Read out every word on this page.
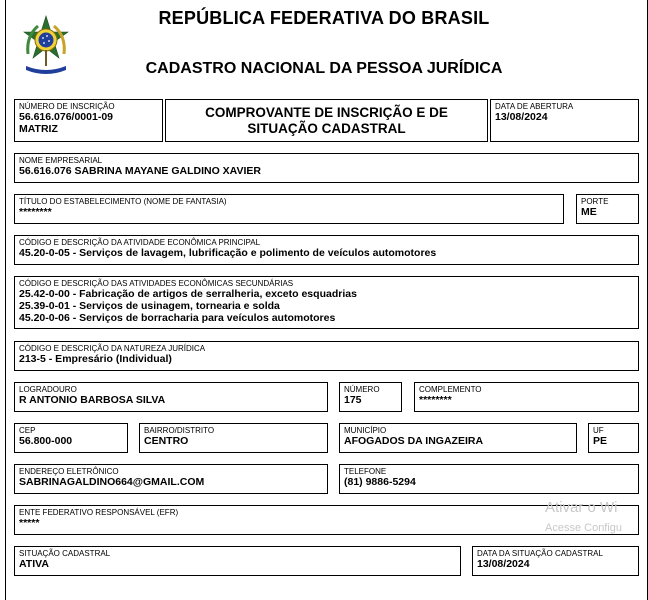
REPÚBLICA FEDERATIVA DO BRASIL
CADASTRO NACIONAL DA PESSOA JURÍDICA
NÚMERO DE INSCRIÇÃO
56.616.076/0001-09
MATRIZ
COMPROVANTE DE INSCRIÇÃO E DE SITUAÇÃO CADASTRAL
DATA DE ABERTURA
13/08/2024
NOME EMPRESARIAL
56.616.076 SABRINA MAYANE GALDINO XAVIER
TÍTULO DO ESTABELECIMENTO (NOME DE FANTASIA)
********
PORTE
ME
CÓDIGO E DESCRIÇÃO DA ATIVIDADE ECONÔMICA PRINCIPAL
45.20-0-05 - Serviços de lavagem, lubrificação e polimento de veículos automotores
CÓDIGO E DESCRIÇÃO DAS ATIVIDADES ECONÔMICAS SECUNDÁRIAS
25.42-0-00 - Fabricação de artigos de serralheria, exceto esquadrias
25.39-0-01 - Serviços de usinagem, tornearia e solda
45.20-0-06 - Serviços de borracharia para veículos automotores
CÓDIGO E DESCRIÇÃO DA NATUREZA JURÍDICA
213-5 - Empresário (Individual)
LOGRADOURO
R ANTONIO BARBOSA SILVA
NÚMERO
175
COMPLEMENTO
********
CEP
56.800-000
BAIRRO/DISTRITO
CENTRO
MUNICÍPIO
AFOGADOS DA INGAZEIRA
UF
PE
ENDEREÇO ELETRÔNICO
SABRINAGALDINO664@GMAIL.COM
TELEFONE
(81) 9886-5294
ENTE FEDERATIVO RESPONSÁVEL (EFR)
*****
SITUAÇÃO CADASTRAL
ATIVA
DATA DA SITUAÇÃO CADASTRAL
13/08/2024
Ativar o Wi
Acesse Configu
